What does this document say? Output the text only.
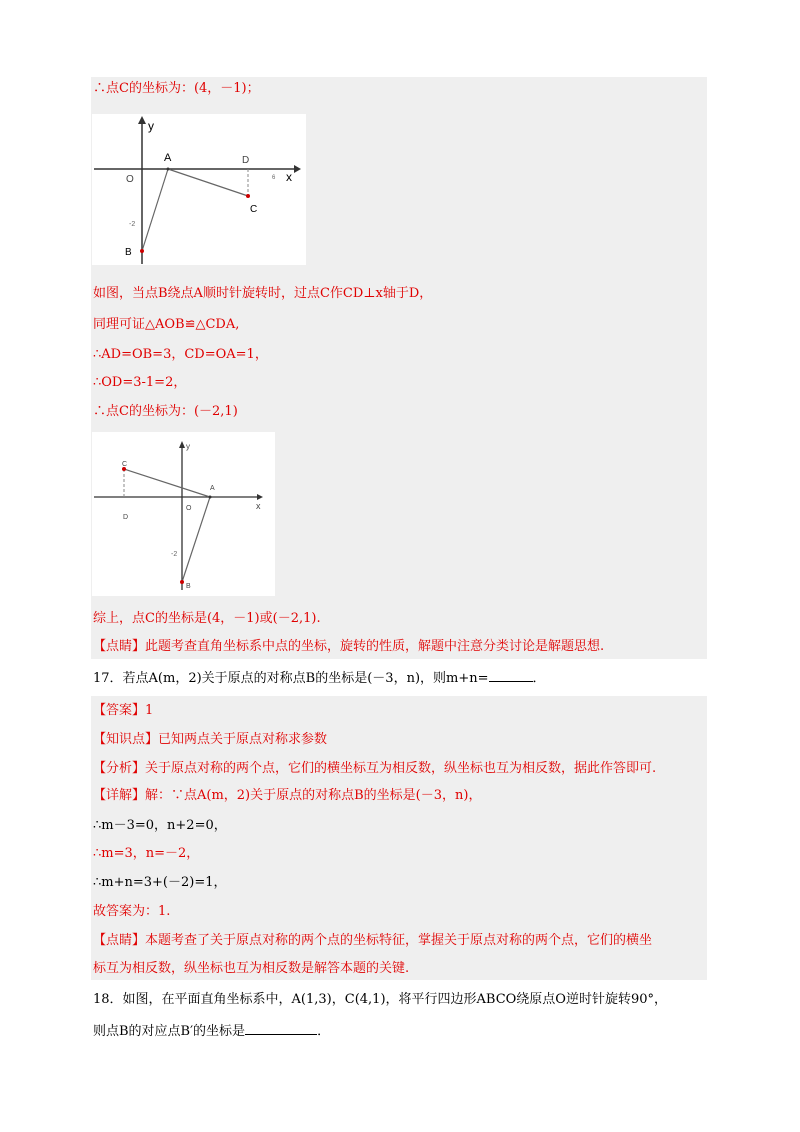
∴点C的坐标为：(4，－1)；
y
x
O
A	D
C
B
6
-2
如图，当点B绕点A顺时针旋转时，过点C作CD⊥x轴于D，
同理可证△AOB≌△CDA,
∴AD=OB=3，CD=OA=1，
∴OD=3-1=2，
∴点C的坐标为：(－2,1)
y
x
O
A
D
C
B
-2
综上，点C的坐标是(4，－1)或(－2,1).
【点睛】此题考查直角坐标系中点的坐标，旋转的性质，解题中注意分类讨论是解题思想.
17．若点A(m，2)关于原点的对称点B的坐标是(－3，n)，则m+n=	．
【答案】1
【知识点】已知两点关于原点对称求参数
【分析】关于原点对称的两个点，它们的横坐标互为相反数，纵坐标也互为相反数，据此作答即可.
【详解】解：∵点A(m，2)关于原点的对称点B的坐标是(－3，n)，
∴m－3=0，n+2=0，
∴m=3，n=－2，
∴m+n=3+(－2)=1，
故答案为：1.
【点睛】本题考查了关于原点对称的两个点的坐标特征，掌握关于原点对称的两个点，它们的横坐
标互为相反数，纵坐标也互为相反数是解答本题的关键.
18．如图，在平面直角坐标系中，A(1,3)，C(4,1)，将平行四边形ABCO绕原点O逆时针旋转90°，
则点B的对应点B′的坐标是	．
